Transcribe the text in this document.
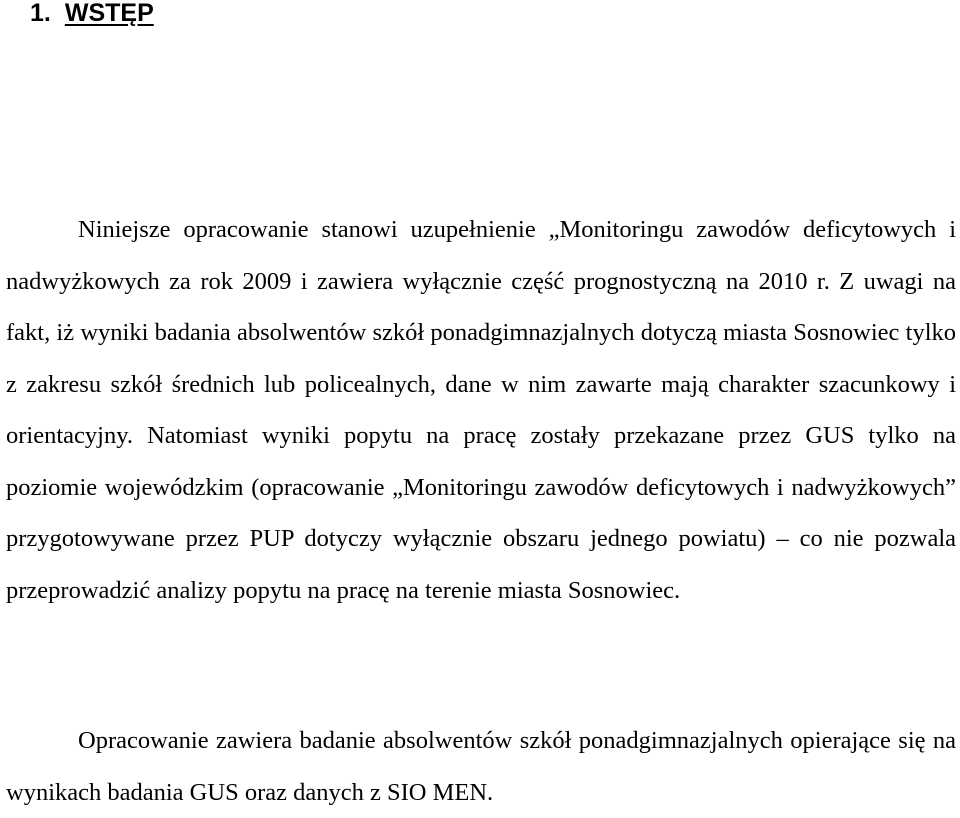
1. WSTĘP

Niniejsze opracowanie stanowi uzupełnienie „Monitoringu zawodów deficytowych i nadwyżkowych za rok 2009 i zawiera wyłącznie część prognostyczną na 2010 r. Z uwagi na fakt, iż wyniki badania absolwentów szkół ponadgimnazjalnych dotyczą miasta Sosnowiec tylko z zakresu szkół średnich lub policealnych, dane w nim zawarte mają charakter szacunkowy i orientacyjny. Natomiast wyniki popytu na pracę zostały przekazane przez GUS tylko na poziomie wojewódzkim (opracowanie „Monitoringu zawodów deficytowych i nadwyżkowych” przygotowywane przez PUP dotyczy wyłącznie obszaru jednego powiatu) – co nie pozwala przeprowadzić analizy popytu na pracę na terenie miasta Sosnowiec.

Opracowanie zawiera badanie absolwentów szkół ponadgimnazjalnych opierające się na wynikach badania GUS oraz danych z SIO MEN.
